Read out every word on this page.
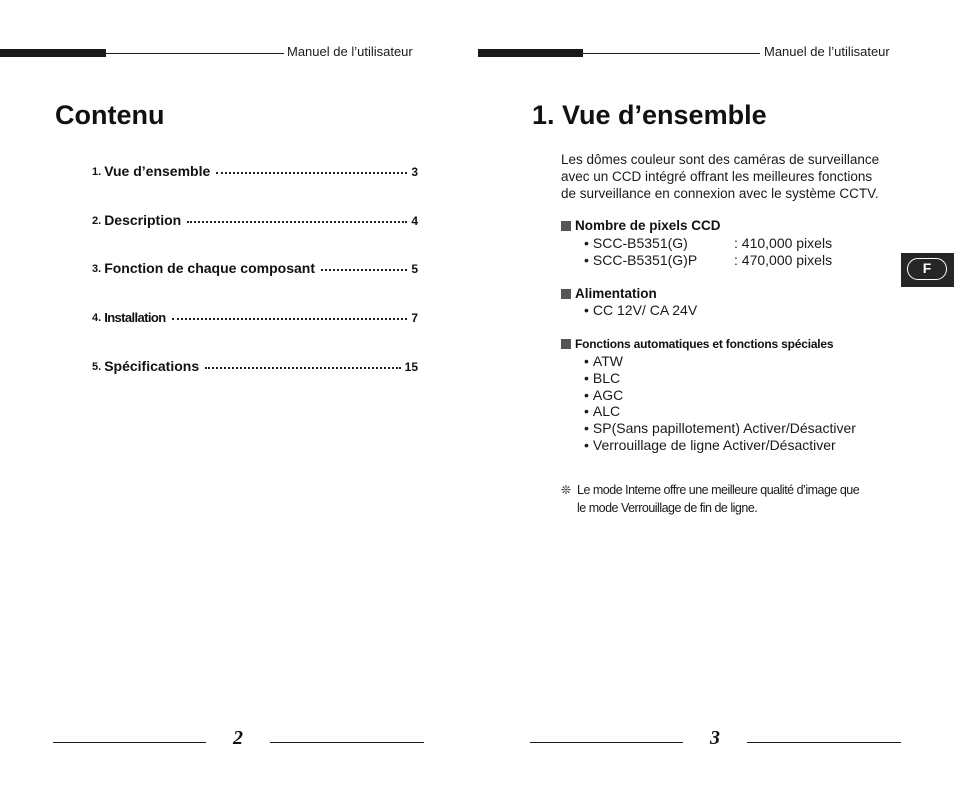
Manuel de l’utilisateur
Contenu
1. Vue d’ensemble	3
2. Description	4
3. Fonction de chaque composant	5
4. Installation	7
5. Spécifications	15
2
Manuel de l’utilisateur
1. Vue d’ensemble
Les dômes couleur sont des caméras de surveillance
avec un CCD intégré offrant les meilleures fonctions
de surveillance en connexion avec le système CCTV.
Nombre de pixels CCD
• SCC-B5351(G)	: 410,000 pixels
• SCC-B5351(G)P	: 470,000 pixels
Alimentation
• CC 12V/ CA 24V
Fonctions automatiques et fonctions spéciales
• ATW
• BLC
• AGC
• ALC
• SP(Sans papillotement) Activer/Désactiver
• Verrouillage de ligne Activer/Désactiver
❊ Le mode Interne offre une meilleure qualité d’image que
le mode Verrouillage de fin de ligne.
F
3
